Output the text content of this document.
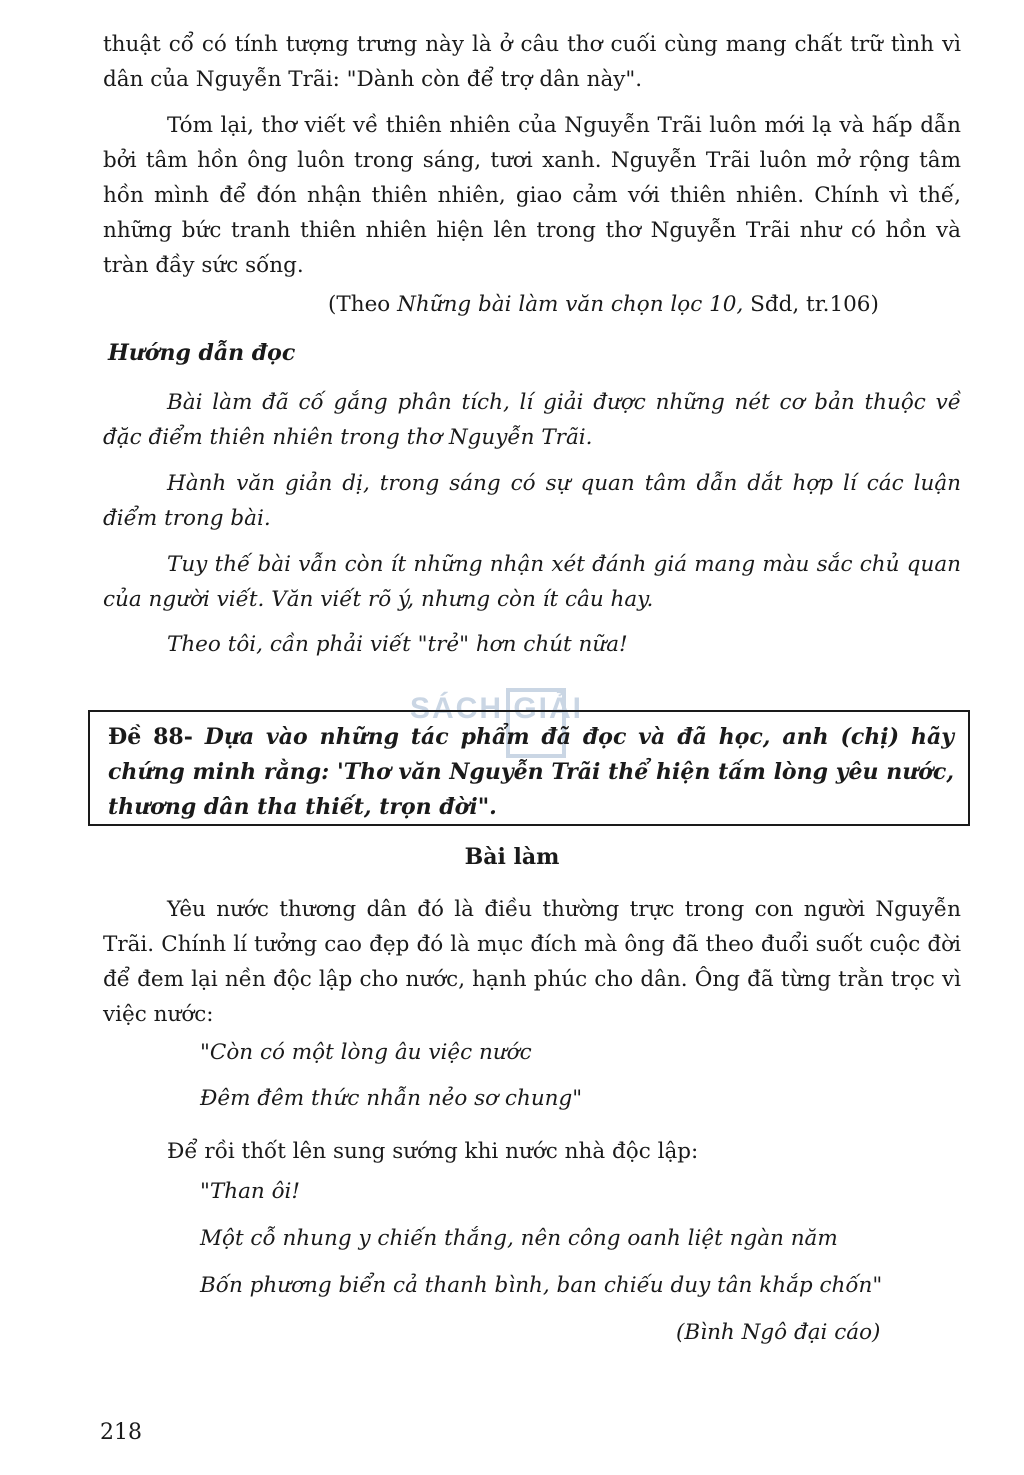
thuật cổ có tính tượng trưng này là ở câu thơ cuối cùng mang chất trữ tình vì dân của Nguyễn Trãi: "Dành còn để trợ dân này".

Tóm lại, thơ viết về thiên nhiên của Nguyễn Trãi luôn mới lạ và hấp dẫn bởi tâm hồn ông luôn trong sáng, tươi xanh. Nguyễn Trãi luôn mở rộng tâm hồn mình để đón nhận thiên nhiên, giao cảm với thiên nhiên. Chính vì thế, những bức tranh thiên nhiên hiện lên trong thơ Nguyễn Trãi như có hồn và tràn đầy sức sống.

(Theo Những bài làm văn chọn lọc 10, Sđd, tr.106)

Hướng dẫn đọc

Bài làm đã cố gắng phân tích, lí giải được những nét cơ bản thuộc về đặc điểm thiên nhiên trong thơ Nguyễn Trãi.

Hành văn giản dị, trong sáng có sự quan tâm dẫn dắt hợp lí các luận điểm trong bài.

Tuy thế bài vẫn còn ít những nhận xét đánh giá mang màu sắc chủ quan của người viết. Văn viết rõ ý, nhưng còn ít câu hay.

Theo tôi, cần phải viết "trẻ" hơn chút nữa!

SÁCH GIẢI

Đề 88- Dựa vào những tác phẩm đã đọc và đã học, anh (chị) hãy chứng minh rằng: 'Thơ văn Nguyễn Trãi thể hiện tấm lòng yêu nước, thương dân tha thiết, trọn đời".

Bài làm

Yêu nước thương dân đó là điều thường trực trong con người Nguyễn Trãi. Chính lí tưởng cao đẹp đó là mục đích mà ông đã theo đuổi suốt cuộc đời để đem lại nền độc lập cho nước, hạnh phúc cho dân. Ông đã từng trằn trọc vì việc nước:

"Còn có một lòng âu việc nước

Đêm đêm thức nhẫn nẻo sơ chung"

Để rồi thốt lên sung sướng khi nước nhà độc lập:

"Than ôi!

Một cỗ nhung y chiến thắng, nên công oanh liệt ngàn năm

Bốn phương biển cả thanh bình, ban chiếu duy tân khắp chốn"

(Bình Ngô đại cáo)

218
